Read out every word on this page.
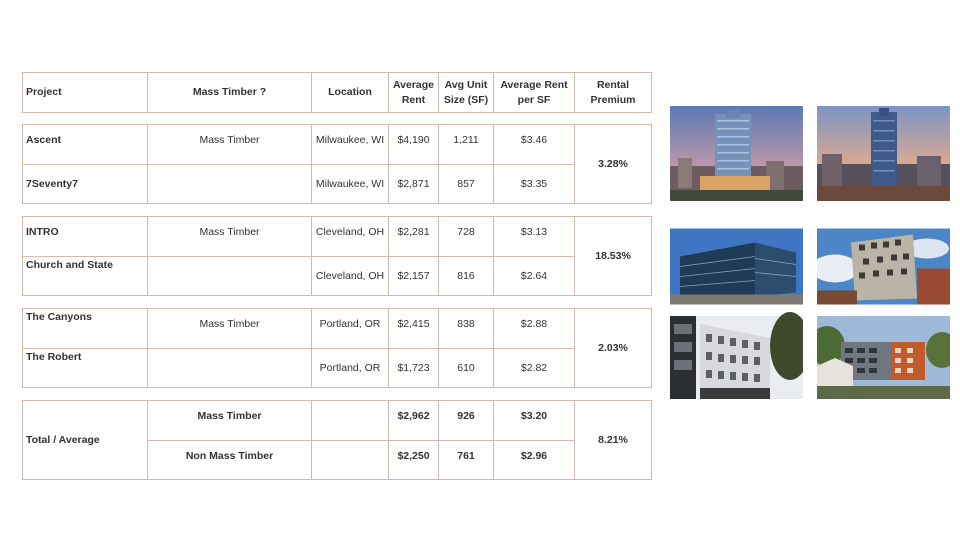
Project	Mass Timber ?	Location	Average Rent	Avg Unit Size (SF)	Average Rent per SF	Rental Premium
Ascent	Mass Timber	Milwaukee, WI	$4,190	1,211	$3.46	3.28%
7Seventy7		Milwaukee, WI	$2,871	857	$3.35	
INTRO	Mass Timber	Cleveland, OH	$2,281	728	$3.13	18.53%
Church and State		Cleveland, OH	$2,157	816	$2.64	
The Canyons	Mass Timber	Portland, OR	$2,415	838	$2.88	2.03%
The Robert		Portland, OR	$1,723	610	$2.82	
Total / Average	Mass Timber		$2,962	926	$3.20	8.21%
	Non Mass Timber		$2,250	761	$2.96	
